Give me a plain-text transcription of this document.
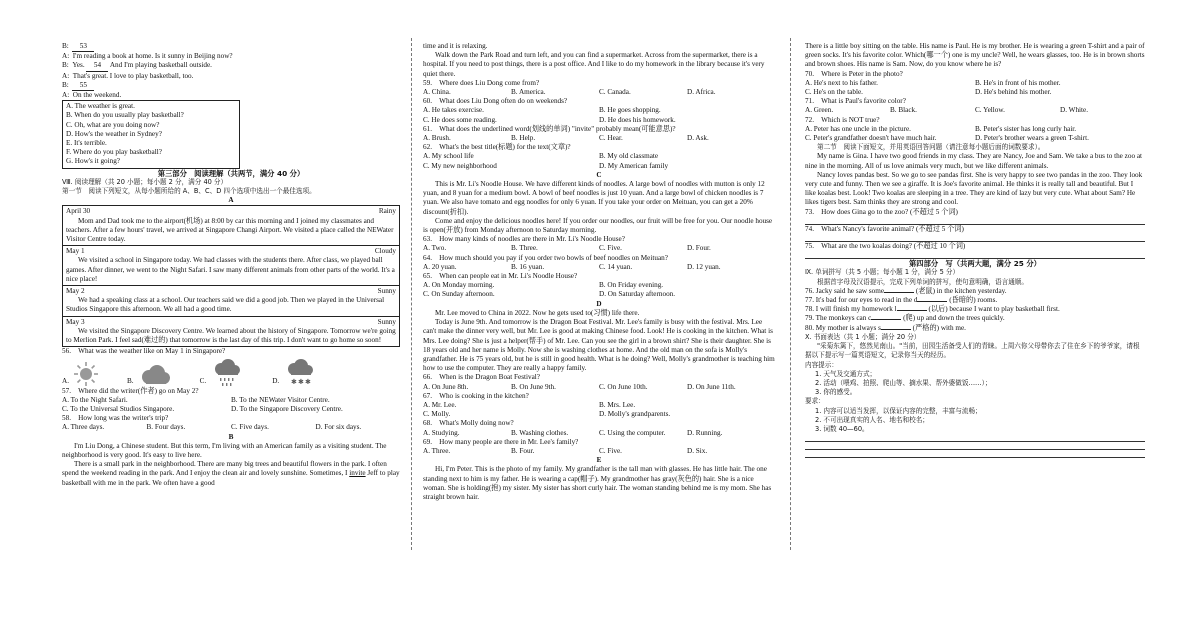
B: 53

A: I'm reading a book at home. Is it sunny in Beijing now?

B: Yes. 54 And I'm playing basketball outside.

A: That's great. I love to play basketball, too.

B: 55

A: On the weekend.

A. The weather is great.

B. When do you usually play basketball?

C. Oh, what are you doing now?

D. How's the weather in Sydney?

E. It's terrible.

F. Where do you play basketball?

G. How's it going?

第三部分　阅读理解（共两节，满分 40 分）

Ⅷ. 阅读理解（共 20 小题；每小题 2 分，满分 40 分）

第一节　阅读下列短文，从每小题所给的 A、B、C、D 四个选项中选出一个最佳选项。

A

April 30	Rainy

Mom and Dad took me to the airport(机场) at 8:00 by car this morning and I joined my classmates and teachers. After a few hours' travel, we arrived at Singapore Changi Airport. We visited a place called the NEWater Visitor Centre today.

May 1	Cloudy

We visited a school in Singapore today. We had classes with the students there. After class, we played ball games. After dinner, we went to the Night Safari. I saw many different animals from other parts of the world. It's a nice place!

May 2	Sunny

We had a speaking class at a school. Our teachers said we did a good job. Then we played in the Universal Studios Singapore this afternoon. We all had a good time.

May 3	Sunny

We visited the Singapore Discovery Centre. We learned about the history of Singapore. Tomorrow we're going to Merlion Park. I feel sad(难过的) that tomorrow is the last day of this trip. I don't want to go home so soon!

56.　What was the weather like on May 1 in Singapore?

A.	B.	C.	D. ✱ ✱ ✱

57.　Where did the writer(作者) go on May 2?

A. To the Night Safari.	B. To the NEWater Visitor Centre.
C. To the Universal Studios Singapore.	D. To the Singapore Discovery Centre.

58.　How long was the writer's trip?

A. Three days.	B. Four days.	C. Five days.	D. For six days.

B

I'm Liu Dong, a Chinese student. But this term, I'm living with an American family as a visiting student. The neighborhood is very good. It's easy to live here.

There is a small park in the neighborhood. There are many big trees and beautiful flowers in the park. I often spend the weekend reading in the park. And I enjoy the clean air and lovely sunshine. Sometimes, I invite Jeff to play basketball with me in the park. We often have a good

time and it is relaxing.

Walk down the Park Road and turn left, and you can find a supermarket. Across from the supermarket, there is a hospital. If you need to post things, there is a post office. And I like to do my homework in the library because it's very quiet there.

59.　Where does Liu Dong come from?

A. China.	B. America.	C. Canada.	D. Africa.

60.　What does Liu Dong often do on weekends?

A. He takes exercise.	B. He goes shopping.
C. He does some reading.	D. He does his homework.

61.　What does the underlined word(划线的单词) "invite" probably mean(可能意思)?

A. Brush.	B. Help.	C. Hear.	D. Ask.

62.　What's the best title(标题) for the text(文章)?

A. My school life	B. My old classmate
C. My new neighborhood	D. My American family

C

This is Mr. Li's Noodle House. We have different kinds of noodles. A large bowl of noodles with mutton is only 12 yuan, and 8 yuan for a medium bowl. A bowl of beef noodles is just 10 yuan. And a large bowl of chicken noodles is 7 yuan. We also have tomato and egg noodles for only 6 yuan. If you take your order on Meituan, you can get a 20% discount(折扣).

Come and enjoy the delicious noodles here! If you order our noodles, our fruit will be free for you. Our noodle house is open(开放) from Monday afternoon to Saturday morning.

63.　How many kinds of noodles are there in Mr. Li's Noodle House?

A. Two.	B. Three.	C. Five.	D. Four.

64.　How much should you pay if you order two bowls of beef noodles on Meituan?

A. 20 yuan.	B. 16 yuan.	C. 14 yuan.	D. 12 yuan.

65.　When can people eat in Mr. Li's Noodle House?

A. On Monday morning.	B. On Friday evening.
C. On Sunday afternoon.	D. On Saturday afternoon.

D

Mr. Lee moved to China in 2022. Now he gets used to(习惯) life there.

Today is June 9th. And tomorrow is the Dragon Boat Festival. Mr. Lee's family is busy with the festival. Mrs. Lee can't make the dinner very well, but Mr. Lee is good at making Chinese food. Look! He is cooking in the kitchen. What is Mrs. Lee doing? She is just a helper(帮手) of Mr. Lee. Can you see the girl in a brown shirt? She is their daughter. She is 18 years old and her name is Molly. Now she is washing clothes at home. And the old man on the sofa is Molly's grandfather. He is 75 years old, but he is still in good health. What is he doing? Well, Molly's grandmother is teaching him how to use the computer. They are really a happy family.

66.　When is the Dragon Boat Festival?

A. On June 8th.	B. On June 9th.	C. On June 10th.	D. On June 11th.

67.　Who is cooking in the kitchen?

A. Mr. Lee.	B. Mrs. Lee.
C. Molly.	D. Molly's grandparents.

68.　What's Molly doing now?

A. Studying.	B. Washing clothes.	C. Using the computer.	D. Running.

69.　How many people are there in Mr. Lee's family?

A. Three.	B. Four.	C. Five.	D. Six.

E

Hi, I'm Peter. This is the photo of my family. My grandfather is the tall man with glasses. He has little hair. The one standing next to him is my father. He is wearing a cap(帽子). My grandmother has gray(灰色的) hair. She is a nice woman. She is holding(抱) my sister. My sister has short curly hair. The woman standing behind me is my mom. She has straight brown hair.

There is a little boy sitting on the table. His name is Paul. He is my brother. He is wearing a green T-shirt and a pair of green socks. It's his favorite color. Which(哪一个) one is my uncle? Well, he wears glasses, too. He is in brown shorts and brown shoes. His name is Sam. Now, do you know where he is?

70.　Where is Peter in the photo?

A. He's next to his father.	B. He's in front of his mother.
C. He's on the table.	D. He's behind his mother.

71.　What is Paul's favorite color?

A. Green.	B. Black.	C. Yellow.	D. White.

72.　Which is NOT true?

A. Peter has one uncle in the picture.	B. Peter's sister has long curly hair.
C. Peter's grandfather doesn't have much hair.	D. Peter's brother wears a green T-shirt.

第二节　阅读下面短文，并用英语回答问题（请注意每小题后面的词数要求）。

My name is Gina. I have two good friends in my class. They are Nancy, Joe and Sam. We take a bus to the zoo at nine in the morning. All of us love animals very much, but we like different animals.

Nancy loves pandas best. So we go to see pandas first. She is very happy to see two pandas in the zoo. They look very cute and funny. Then we see a giraffe. It is Joe's favorite animal. He thinks it is really tall and beautiful. But I like koalas best. Look! Two koalas are sleeping in a tree. They are kind of lazy but very cute. What about Sam? He likes tigers best. Sam thinks they are strong and cool.

73.　How does Gina go to the zoo? (不超过 5 个词)

74.　What's Nancy's favorite animal? (不超过 5 个词)

75.　What are the two koalas doing? (不超过 10 个词)

第四部分　写（共两大题，满分 25 分）

Ⅸ. 单词拼写（共 5 小题；每小题 1 分，满分 5 分）

根据首字母及汉语提示，完成下列单词的拼写，使句意明确，语言通顺。

76. Jacky said he saw some	(老鼠) in the kitchen yesterday.

77. It's bad for our eyes to read in the d	(昏暗的) rooms.

78. I will finish my homework l	(以后) because I want to play basketball first.

79. The monkeys can c	(爬) up and down the trees quickly.

80. My mother is always s	(严格的) with me.

Ⅹ. 书面表达（共 1 小题；满分 20 分）

"采菊东篱下，悠然见南山。"当前，田园生活备受人们的青睐。上周六你父母带你去了住在乡下的爷爷家，请根据以下提示写一篇英语短文，记录你当天的经历。

内容提示：

1. 天气及交通方式；

2. 活动（喂鸡、拍照、爬山等、摘水果、帮外婆做饭……）；

3. 你的感受。

要求：

1. 内容可以适当发挥，以保证内容的完整，丰富与流畅；

2. 不可出现真实的人名、地名和校名；

3. 词数 40—60。
